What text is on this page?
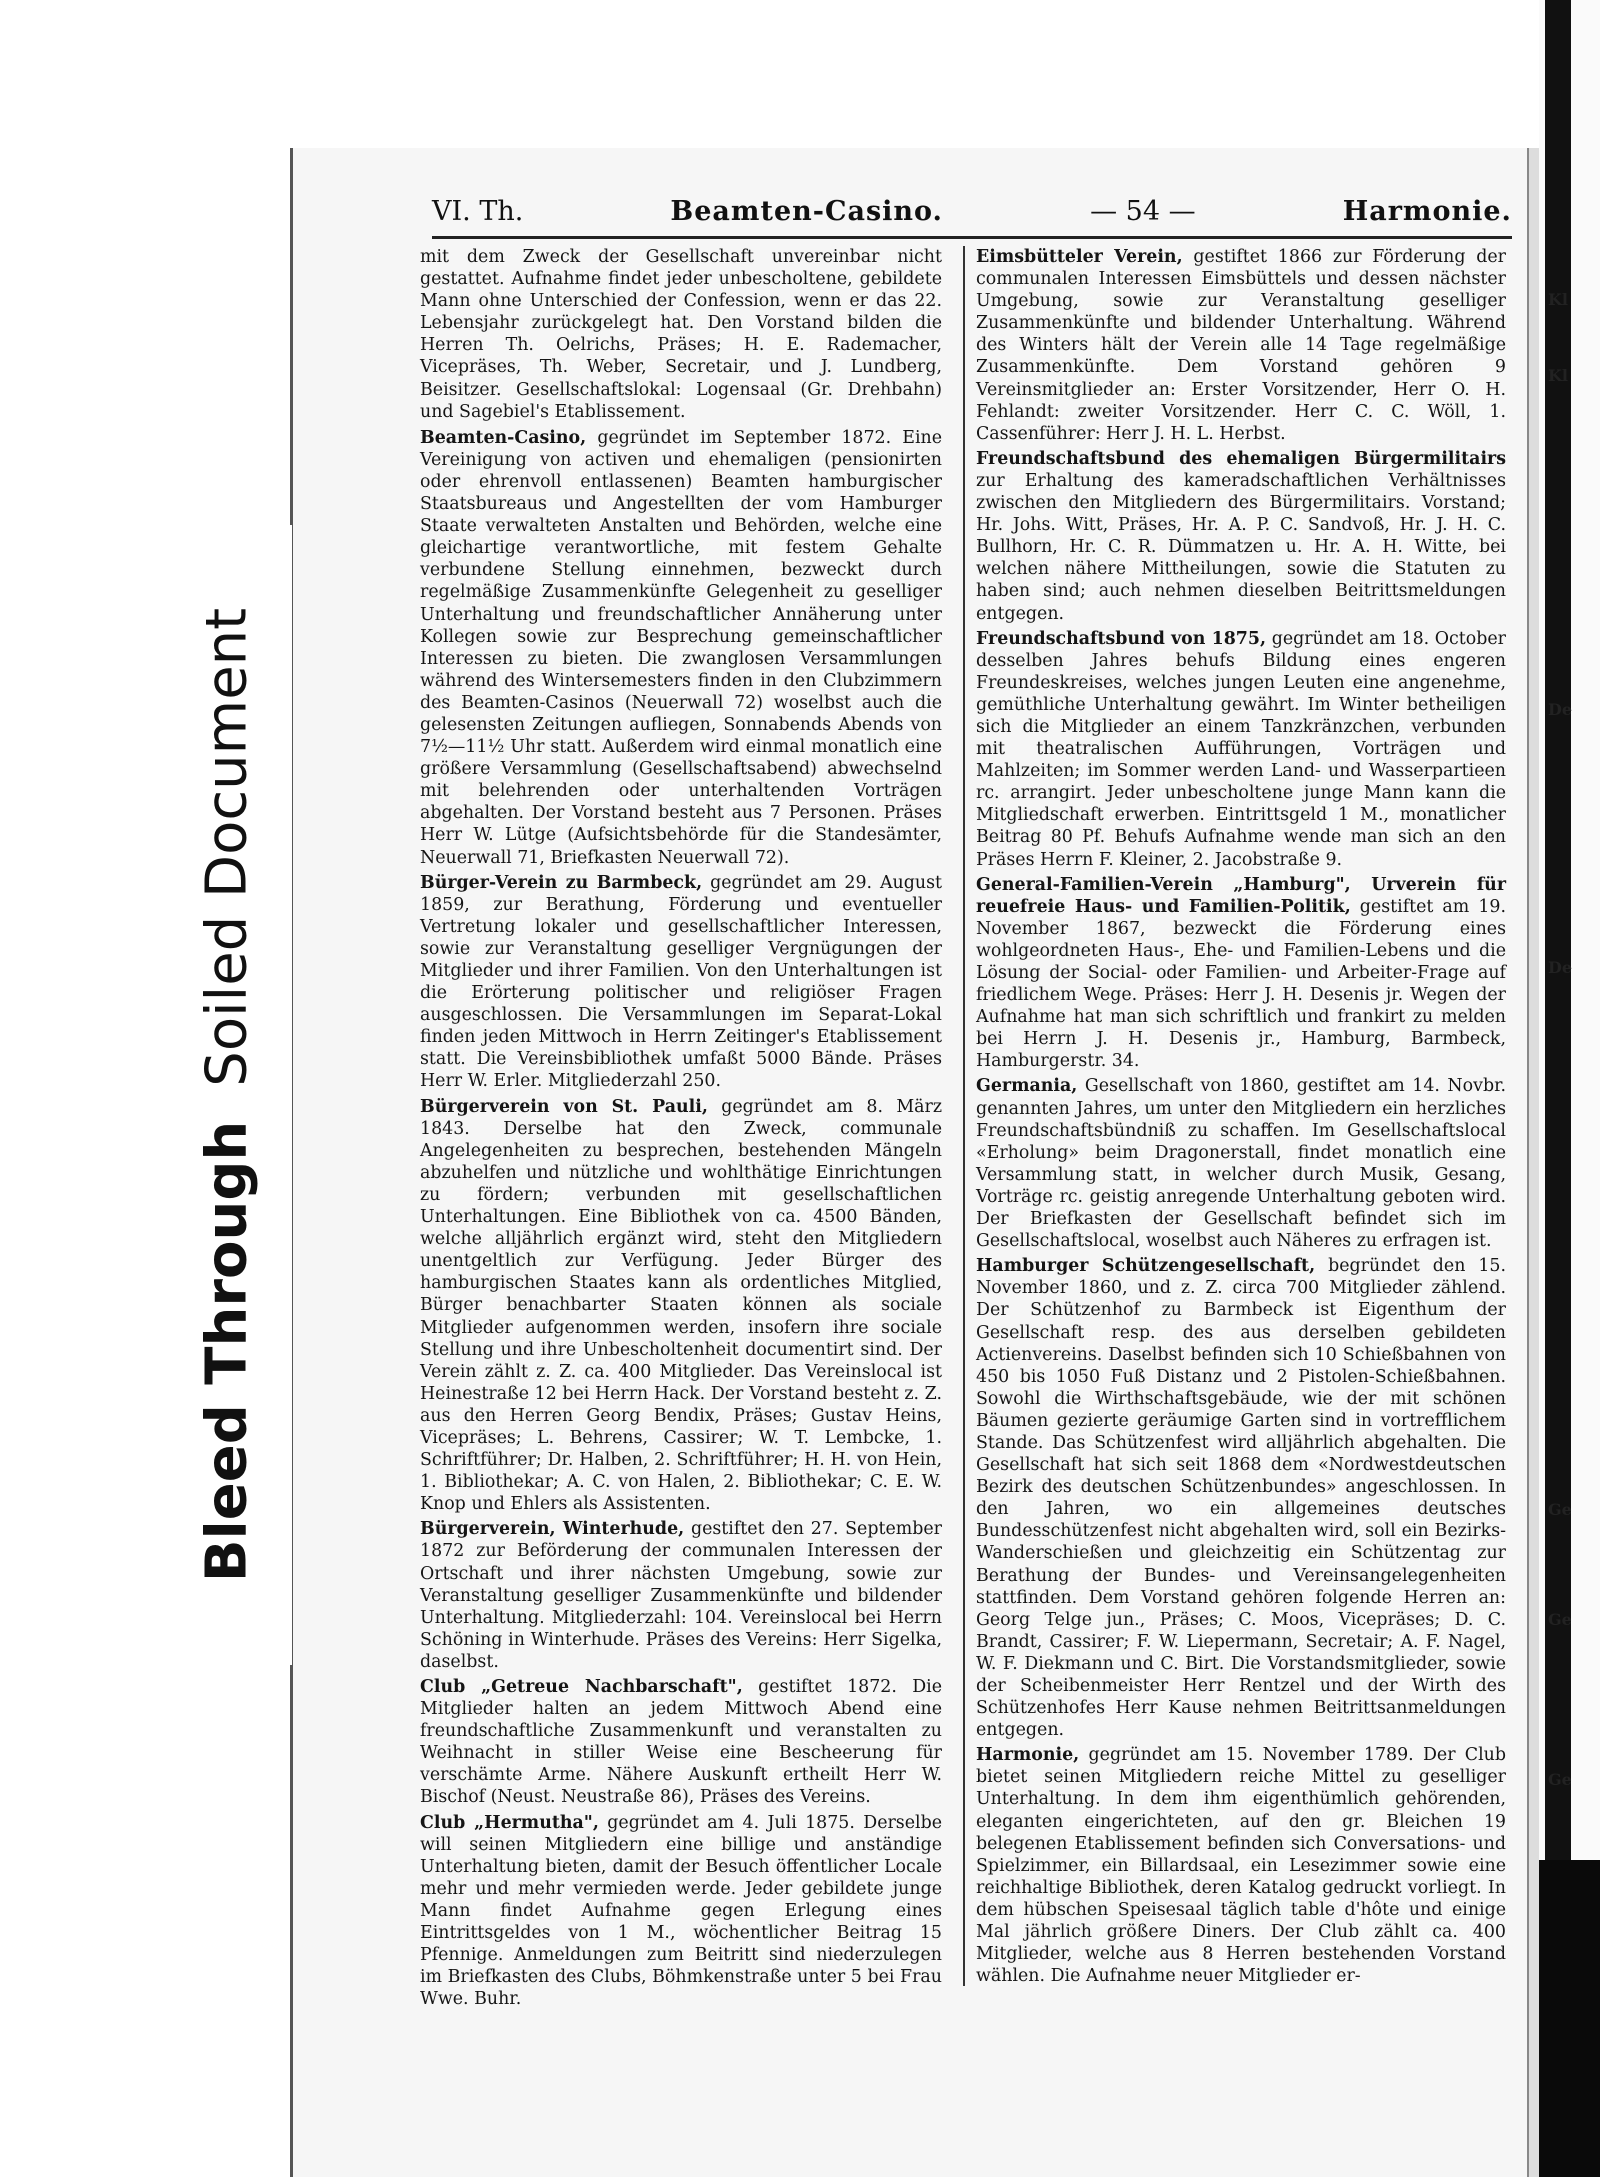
Kl
Kl
De
De
Ge
Ge
Ge
Bleed ThroughSoiled Document
VI. Th.	Beamten-Casino.	— 54 —	Harmonie.

mit dem Zweck der Gesellschaft unvereinbar nicht gestattet. Aufnahme findet jeder unbescholtene, gebildete Mann ohne Unterschied der Confession, wenn er das 22. Lebensjahr zurückgelegt hat. Den Vorstand bilden die Herren Th. Oelrichs, Präses; H. E. Rademacher, Vicepräses, Th. Weber, Secretair, und J. Lundberg, Beisitzer. Gesellschaftslokal: Logensaal (Gr. Drehbahn) und Sagebiel's Etablissement.

Beamten-Casino, gegründet im September 1872. Eine Vereinigung von activen und ehemaligen (pensionirten oder ehrenvoll entlassenen) Beamten hamburgischer Staatsbureaus und Angestellten der vom Hamburger Staate verwalteten Anstalten und Behörden, welche eine gleichartige verantwortliche, mit festem Gehalte verbundene Stellung einnehmen, bezweckt durch regelmäßige Zusammenkünfte Gelegenheit zu geselliger Unterhaltung und freundschaftlicher Annäherung unter Kollegen sowie zur Besprechung gemeinschaftlicher Interessen zu bieten. Die zwanglosen Versammlungen während des Wintersemesters finden in den Clubzimmern des Beamten-Casinos (Neuerwall 72) woselbst auch die gelesensten Zeitungen aufliegen, Sonnabends Abends von 7½—11½ Uhr statt. Außerdem wird einmal monatlich eine größere Versammlung (Gesellschaftsabend) abwechselnd mit belehrenden oder unterhaltenden Vorträgen abgehalten. Der Vorstand besteht aus 7 Personen. Präses Herr W. Lütge (Aufsichtsbehörde für die Standesämter, Neuerwall 71, Briefkasten Neuerwall 72).

Bürger-Verein zu Barmbeck, gegründet am 29. August 1859, zur Berathung, Förderung und eventueller Vertretung lokaler und gesellschaftlicher Interessen, sowie zur Veranstaltung geselliger Vergnügungen der Mitglieder und ihrer Familien. Von den Unterhaltungen ist die Erörterung politischer und religiöser Fragen ausgeschlossen. Die Versammlungen im Separat-Lokal finden jeden Mittwoch in Herrn Zeitinger's Etablissement statt. Die Vereinsbibliothek umfaßt 5000 Bände. Präses Herr W. Erler. Mitgliederzahl 250.

Bürgerverein von St. Pauli, gegründet am 8. März 1843. Derselbe hat den Zweck, communale Angelegenheiten zu besprechen, bestehenden Mängeln abzuhelfen und nützliche und wohlthätige Einrichtungen zu fördern; verbunden mit gesellschaftlichen Unterhaltungen. Eine Bibliothek von ca. 4500 Bänden, welche alljährlich ergänzt wird, steht den Mitgliedern unentgeltlich zur Verfügung. Jeder Bürger des hamburgischen Staates kann als ordentliches Mitglied, Bürger benachbarter Staaten können als sociale Mitglieder aufgenommen werden, insofern ihre sociale Stellung und ihre Unbescholtenheit documentirt sind. Der Verein zählt z. Z. ca. 400 Mitglieder. Das Vereinslocal ist Heinestraße 12 bei Herrn Hack. Der Vorstand besteht z. Z. aus den Herren Georg Bendix, Präses; Gustav Heins, Vicepräses; L. Behrens, Cassirer; W. T. Lembcke, 1. Schriftführer; Dr. Halben, 2. Schriftführer; H. H. von Hein, 1. Bibliothekar; A. C. von Halen, 2. Bibliothekar; C. E. W. Knop und Ehlers als Assistenten.

Bürgerverein, Winterhude, gestiftet den 27. September 1872 zur Beförderung der communalen Interessen der Ortschaft und ihrer nächsten Umgebung, sowie zur Veranstaltung geselliger Zusammenkünfte und bildender Unterhaltung. Mitgliederzahl: 104. Vereinslocal bei Herrn Schöning in Winterhude. Präses des Vereins: Herr Sigelka, daselbst.

Club „Getreue Nachbarschaft", gestiftet 1872. Die Mitglieder halten an jedem Mittwoch Abend eine freundschaftliche Zusammenkunft und veranstalten zu Weihnacht in stiller Weise eine Bescheerung für verschämte Arme. Nähere Auskunft ertheilt Herr W. Bischof (Neust. Neustraße 86), Präses des Vereins.

Club „Hermutha", gegründet am 4. Juli 1875. Derselbe will seinen Mitgliedern eine billige und anständige Unterhaltung bieten, damit der Besuch öffentlicher Locale mehr und mehr vermieden werde. Jeder gebildete junge Mann findet Aufnahme gegen Erlegung eines Eintrittsgeldes von 1 M., wöchentlicher Beitrag 15 Pfennige. Anmeldungen zum Beitritt sind niederzulegen im Briefkasten des Clubs, Böhmkenstraße unter 5 bei Frau Wwe. Buhr.

Eimsbütteler Verein, gestiftet 1866 zur Förderung der communalen Interessen Eimsbüttels und dessen nächster Umgebung, sowie zur Veranstaltung geselliger Zusammenkünfte und bildender Unterhaltung. Während des Winters hält der Verein alle 14 Tage regelmäßige Zusammenkünfte. Dem Vorstand gehören 9 Vereinsmitglieder an: Erster Vorsitzender, Herr O. H. Fehlandt: zweiter Vorsitzender. Herr C. C. Wöll, 1. Cassenführer: Herr J. H. L. Herbst.

Freundschaftsbund des ehemaligen Bürgermilitairs zur Erhaltung des kameradschaftlichen Verhältnisses zwischen den Mitgliedern des Bürgermilitairs. Vorstand; Hr. Johs. Witt, Präses, Hr. A. P. C. Sandvoß, Hr. J. H. C. Bullhorn, Hr. C. R. Dümmatzen u. Hr. A. H. Witte, bei welchen nähere Mittheilungen, sowie die Statuten zu haben sind; auch nehmen dieselben Beitrittsmeldungen entgegen.

Freundschaftsbund von 1875, gegründet am 18. October desselben Jahres behufs Bildung eines engeren Freundeskreises, welches jungen Leuten eine angenehme, gemüthliche Unterhaltung gewährt. Im Winter betheiligen sich die Mitglieder an einem Tanzkränzchen, verbunden mit theatralischen Aufführungen, Vorträgen und Mahlzeiten; im Sommer werden Land- und Wasserpartieen rc. arrangirt. Jeder unbescholtene junge Mann kann die Mitgliedschaft erwerben. Eintrittsgeld 1 M., monatlicher Beitrag 80 Pf. Behufs Aufnahme wende man sich an den Präses Herrn F. Kleiner, 2. Jacobstraße 9.

General-Familien-Verein „Hamburg", Urverein für reuefreie Haus- und Familien-Politik, gestiftet am 19. November 1867, bezweckt die Förderung eines wohlgeordneten Haus-, Ehe- und Familien-Lebens und die Lösung der Social- oder Familien- und Arbeiter-Frage auf friedlichem Wege. Präses: Herr J. H. Desenis jr. Wegen der Aufnahme hat man sich schriftlich und frankirt zu melden bei Herrn J. H. Desenis jr., Hamburg, Barmbeck, Hamburgerstr. 34.

Germania, Gesellschaft von 1860, gestiftet am 14. Novbr. genannten Jahres, um unter den Mitgliedern ein herzliches Freundschaftsbündniß zu schaffen. Im Gesellschaftslocal «Erholung» beim Dragonerstall, findet monatlich eine Versammlung statt, in welcher durch Musik, Gesang, Vorträge rc. geistig anregende Unterhaltung geboten wird. Der Briefkasten der Gesellschaft befindet sich im Gesellschaftslocal, woselbst auch Näheres zu erfragen ist.

Hamburger Schützengesellschaft, begründet den 15. November 1860, und z. Z. circa 700 Mitglieder zählend. Der Schützenhof zu Barmbeck ist Eigenthum der Gesellschaft resp. des aus derselben gebildeten Actienvereins. Daselbst befinden sich 10 Schießbahnen von 450 bis 1050 Fuß Distanz und 2 Pistolen-Schießbahnen. Sowohl die Wirthschaftsgebäude, wie der mit schönen Bäumen gezierte geräumige Garten sind in vortrefflichem Stande. Das Schützenfest wird alljährlich abgehalten. Die Gesellschaft hat sich seit 1868 dem «Nordwestdeutschen Bezirk des deutschen Schützenbundes» angeschlossen. In den Jahren, wo ein allgemeines deutsches Bundesschützenfest nicht abgehalten wird, soll ein Bezirks-Wanderschießen und gleichzeitig ein Schützentag zur Berathung der Bundes- und Vereinsangelegenheiten stattfinden. Dem Vorstand gehören folgende Herren an: Georg Telge jun., Präses; C. Moos, Vicepräses; D. C. Brandt, Cassirer; F. W. Liepermann, Secretair; A. F. Nagel, W. F. Diekmann und C. Birt. Die Vorstandsmitglieder, sowie der Scheibenmeister Herr Rentzel und der Wirth des Schützenhofes Herr Kause nehmen Beitrittsanmeldungen entgegen.

Harmonie, gegründet am 15. November 1789. Der Club bietet seinen Mitgliedern reiche Mittel zu geselliger Unterhaltung. In dem ihm eigenthümlich gehörenden, eleganten eingerichteten, auf den gr. Bleichen 19 belegenen Etablissement befinden sich Conversations- und Spielzimmer, ein Billardsaal, ein Lesezimmer sowie eine reichhaltige Bibliothek, deren Katalog gedruckt vorliegt. In dem hübschen Speisesaal täglich table d'hôte und einige Mal jährlich größere Diners. Der Club zählt ca. 400 Mitglieder, welche aus 8 Herren bestehenden Vorstand wählen. Die Aufnahme neuer Mitglieder er-
